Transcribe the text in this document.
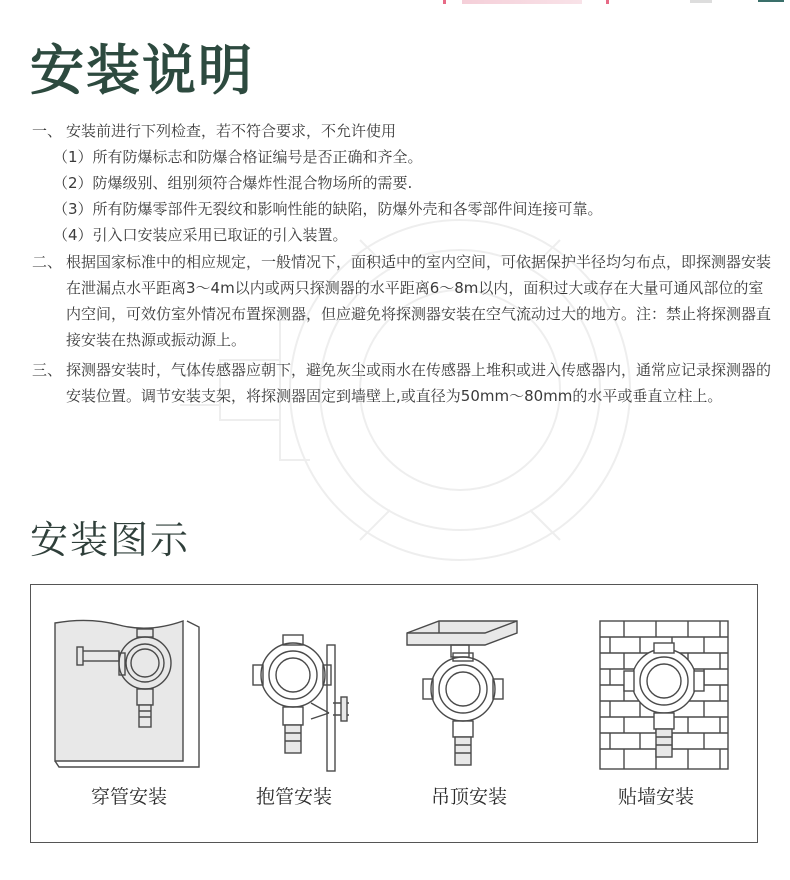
安装说明
一、 安装前进行下列检查，若不符合要求，不允许使用
（1）所有防爆标志和防爆合格证编号是否正确和齐全。
（2）防爆级别、组别须符合爆炸性混合物场所的需要.
（3）所有防爆零部件无裂纹和影响性能的缺陷，防爆外壳和各零部件间连接可靠。
（4）引入口安装应采用已取证的引入装置。
二、 根据国家标准中的相应规定，一般情况下，面积适中的室内空间，可依据保护半径均匀布点，即探测器安装在泄漏点水平距离3～4m以内或两只探测器的水平距离6～8m以内，面积过大或存在大量可通风部位的室内空间，可效仿室外情况布置探测器，但应避免将探测器安装在空气流动过大的地方。注：禁止将探测器直接安装在热源或振动源上。
三、 探测器安装时，气体传感器应朝下，避免灰尘或雨水在传感器上堆积或进入传感器内，通常应记录探测器的安装位置。调节安装支架，将探测器固定到墙壁上,或直径为50mm～80mm的水平或垂直立柱上。
安装图示
穿管安装	抱管安装	吊顶安装	贴墙安装
